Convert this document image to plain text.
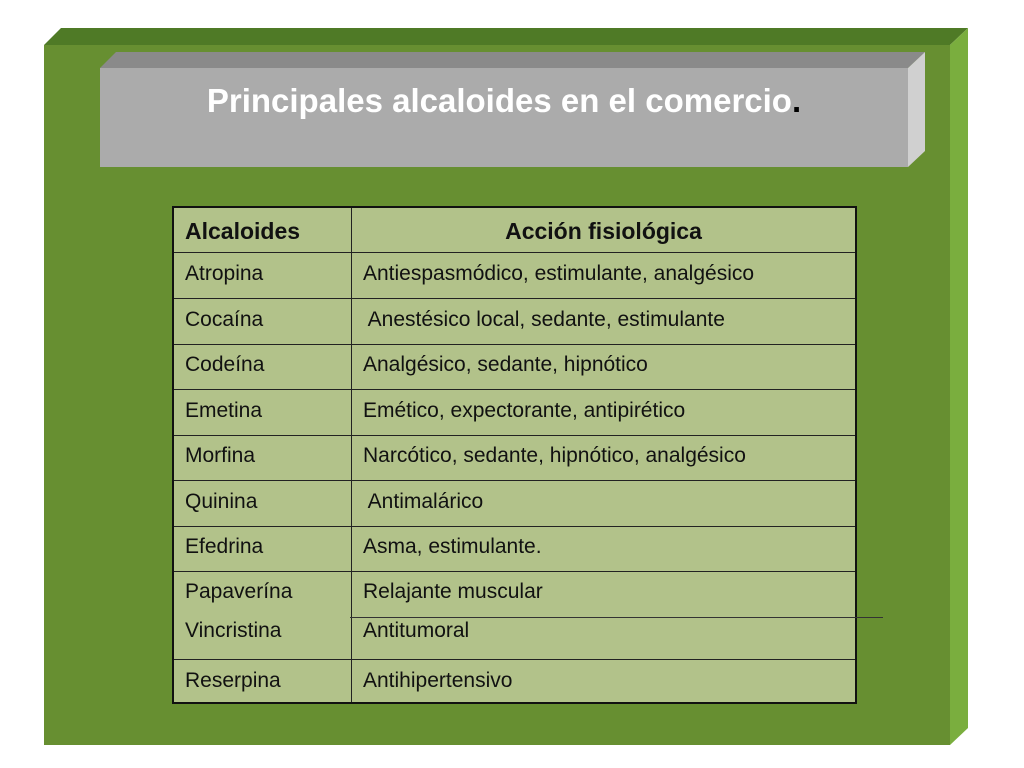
Principales alcaloides en el comercio.
Alcaloides	Acción fisiológica
Atropina	Antiespasmódico, estimulante, analgésico
Cocaína	Anestésico local, sedante, estimulante
Codeína	Analgésico, sedante, hipnótico
Emetina	Emético, expectorante, antipirético
Morfina	Narcótico, sedante, hipnótico, analgésico
Quinina	Antimalárico
Efedrina	Asma, estimulante.
Papaverína	Relajante muscular
Vincristina	Antitumoral
Reserpina	Antihipertensivo
